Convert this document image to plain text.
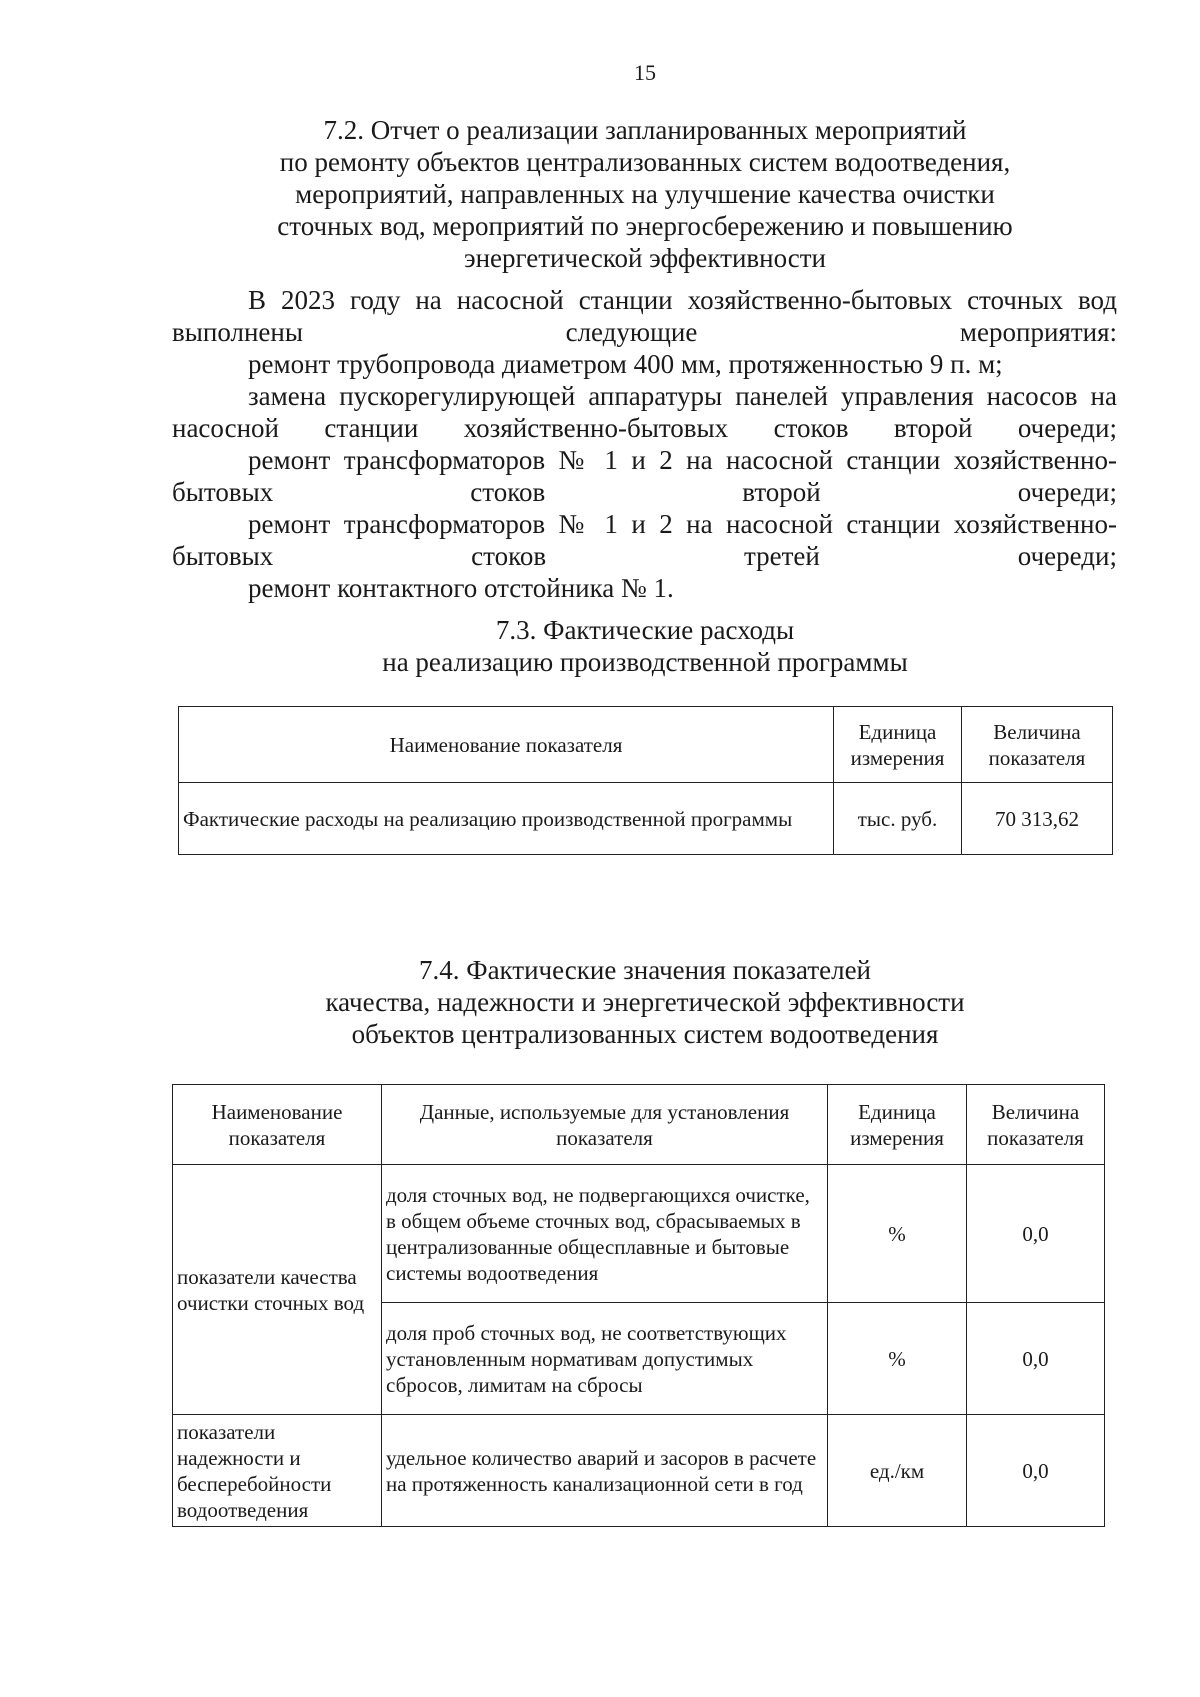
15
7.2. Отчет о реализации запланированных мероприятий
по ремонту объектов централизованных систем водоотведения,
мероприятий, направленных на улучшение качества очистки
сточных вод, мероприятий по энергосбережению и повышению
энергетической эффективности
В 2023 году на насосной станции хозяйственно-бытовых сточных вод выполнены следующие мероприятия:
ремонт трубопровода диаметром 400 мм, протяженностью 9 п. м;
замена пускорегулирующей аппаратуры панелей управления насосов на насосной станции хозяйственно-бытовых стоков второй очереди;
ремонт трансформаторов № 1 и 2 на насосной станции хозяйственно-бытовых стоков второй очереди;
ремонт трансформаторов № 1 и 2 на насосной станции хозяйственно-бытовых стоков третей очереди;
ремонт контактного отстойника № 1.
7.3. Фактические расходы
на реализацию производственной программы
Наименование показателя	Единица измерения	Величина показателя
Фактические расходы на реализацию производственной программы	тыс. руб.	70 313,62
7.4. Фактические значения показателей
качества, надежности и энергетической эффективности
объектов централизованных систем водоотведения
Наименование показателя	Данные, используемые для установления показателя	Единица измерения	Величина показателя
показатели качества очистки сточных вод	доля сточных вод, не подвергающихся очистке, в общем объеме сточных вод, сбрасываемых в централизованные общесплавные и бытовые системы водоотведения	%	0,0
	доля проб сточных вод, не соответствующих установленным нормативам допустимых сбросов, лимитам на сбросы	%	0,0
показатели надежности и бесперебойности водоотведения	удельное количество аварий и засоров в расчете на протяженность канализационной сети в год	ед./км	0,0
